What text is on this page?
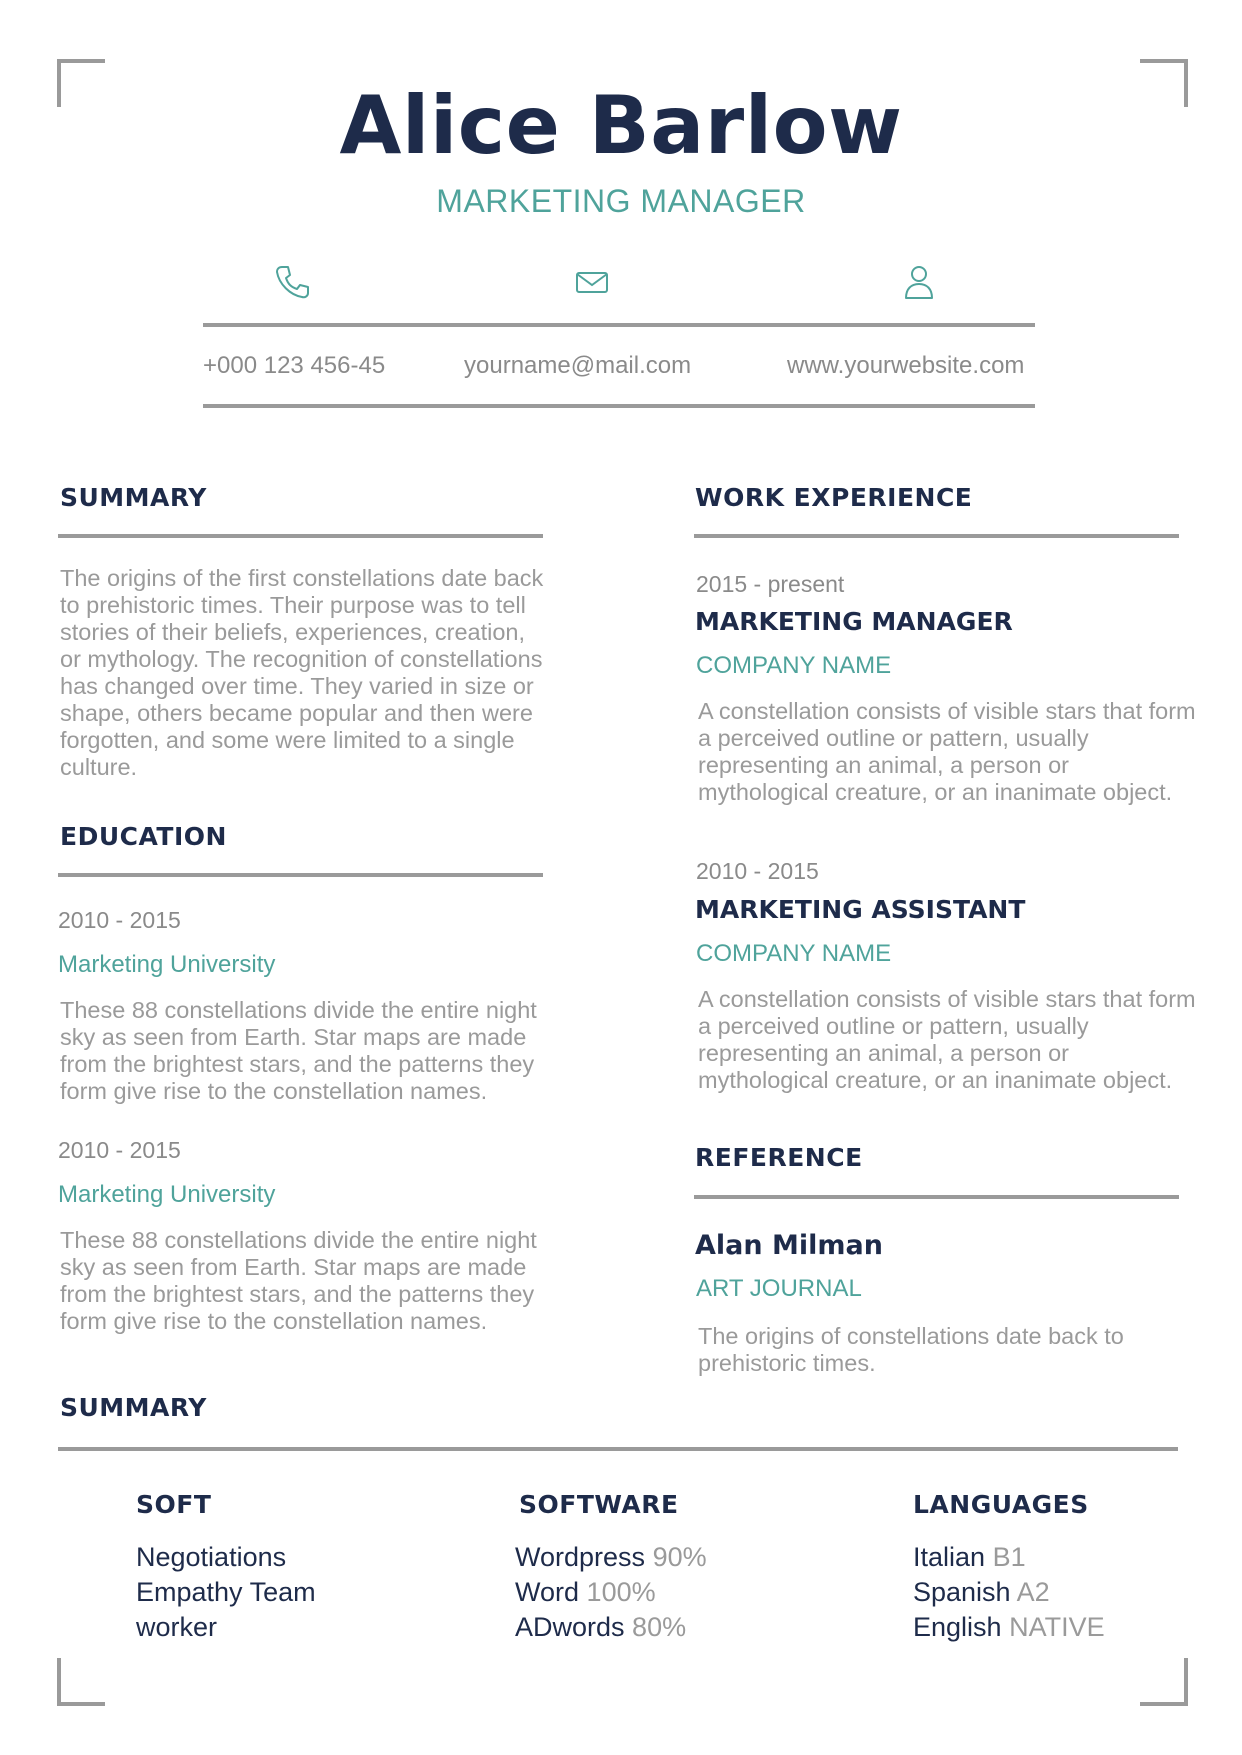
Alice Barlow
MARKETING MANAGER
+000 123 456-45	yourname@mail.com	www.yourwebsite.com
SUMMARY
The origins of the first constellations date back to prehistoric times. Their purpose was to tell stories of their beliefs, experiences, creation, or mythology. The recognition of constellations has changed over time. They varied in size or shape, others became popular and then were forgotten, and some were limited to a single culture.
EDUCATION
2010 - 2015
Marketing University
These 88 constellations divide the entire night sky as seen from Earth. Star maps are made from the brightest stars, and the patterns they form give rise to the constellation names.
2010 - 2015
Marketing University
These 88 constellations divide the entire night sky as seen from Earth. Star maps are made from the brightest stars, and the patterns they form give rise to the constellation names.
WORK EXPERIENCE
2015 - present
MARKETING MANAGER
COMPANY NAME
A constellation consists of visible stars that form a perceived outline or pattern, usually representing an animal, a person or mythological creature, or an inanimate object.
2010 - 2015
MARKETING ASSISTANT
COMPANY NAME
A constellation consists of visible stars that form a perceived outline or pattern, usually representing an animal, a person or mythological creature, or an inanimate object.
REFERENCE
Alan Milman
ART JOURNAL
The origins of constellations date back to prehistoric times.
SUMMARY
SOFT
Negotiations
Empathy Team
worker
SOFTWARE
Wordpress 90%
Word 100%
ADwords 80%
LANGUAGES
Italian B1
Spanish A2
English NATIVE
